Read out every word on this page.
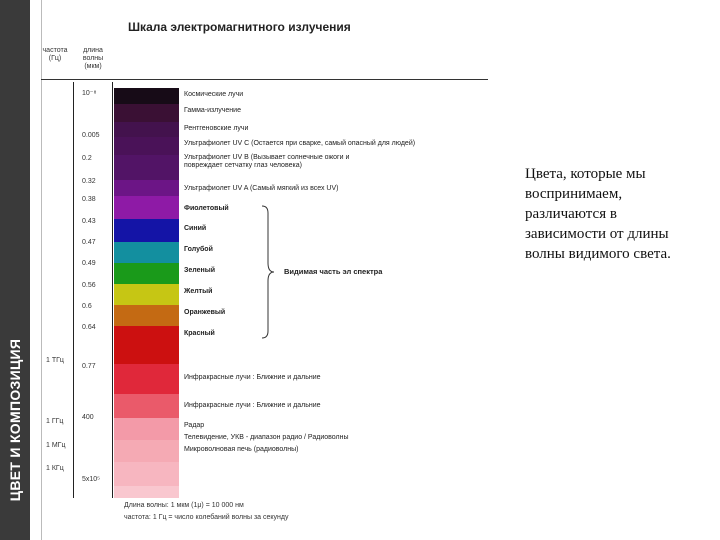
ЦВЕТ И КОМПОЗИЦИЯ
Шкала электромагнитного излучения
частота
(Гц)
длина
волны
(мкм)
10⁻⁸
0.005
0.2
0.32
0.38
0.43
0.47
0.49
0.56
0.6
0.64
0.77
400
5х10⁵
1 ТГц
1 ГГц
1 МГц
1 КГц
Космические лучи
Гамма-излучение
Рентгеновские лучи
Ультрафиолет UV C (Остается при сварке, самый опасный для людей)
Ультрафиолет UV B (Вызывает солнечные ожоги и повреждает сетчатку глаз человека)
Ультрафиолет UV A (Самый мягкий из всех UV)
Фиолетовый
Синий
Голубой
Зеленый
Желтый
Оранжевый
Красный
Инфракрасные лучи : Ближние и дальние
Инфракрасные лучи : Ближние и дальние
Радар
Телевидение, УКВ - диапазон радио / Радиоволны
Микроволновая печь (радиоволны)
Видимая часть эл спектра
Длина волны: 1 мкм (1μ) = 10 000 нм
частота: 1 Гц = число колебаний волны за секунду
Цвета, которые мы воспринимаем, различаются в зависимости от длины волны видимого света.
